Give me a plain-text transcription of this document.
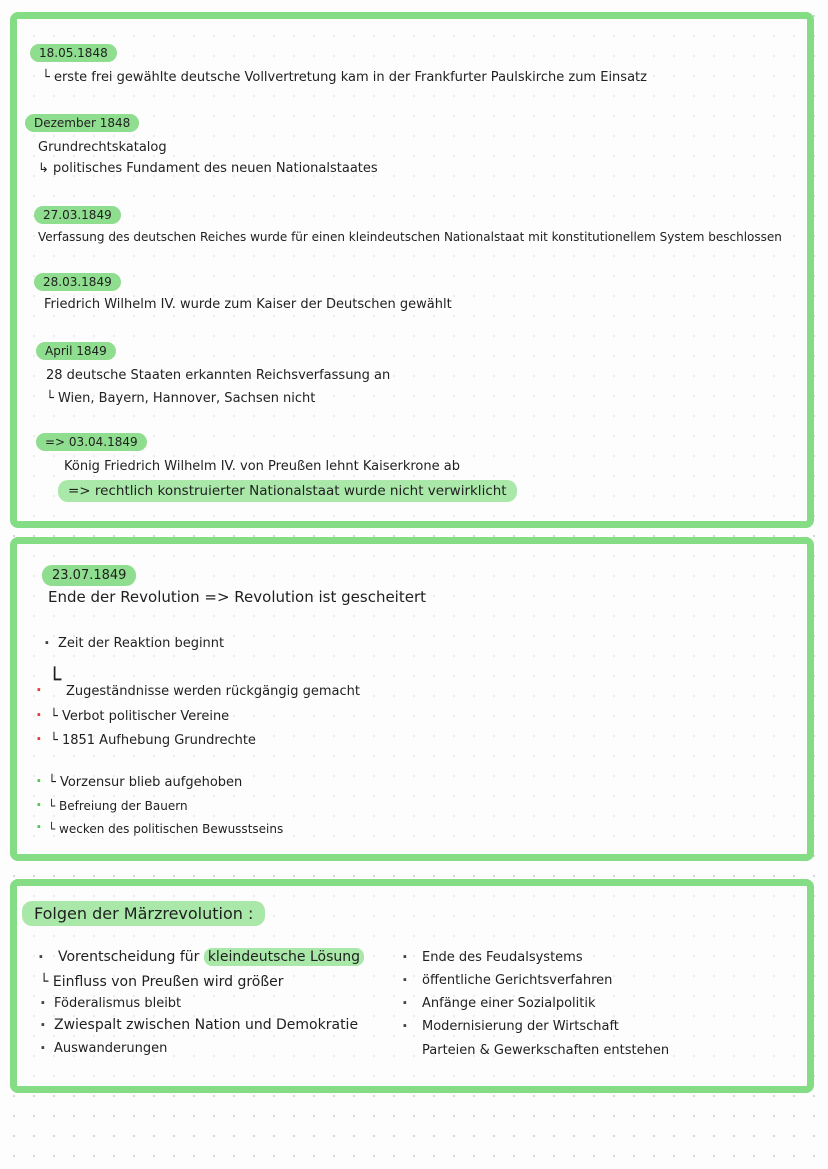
18.05.1848
└ erste frei gewählte deutsche Vollvertretung kam in der Frankfurter Paulskirche zum Einsatz
Dezember 1848
Grundrechtskatalog
↳ politisches Fundament des neuen Nationalstaates
27.03.1849
Verfassung des deutschen Reiches wurde für einen kleindeutschen Nationalstaat mit konstitutionellem System beschlossen
28.03.1849
Friedrich Wilhelm IV. wurde zum Kaiser der Deutschen gewählt
April 1849
28 deutsche Staaten erkannten Reichsverfassung an
└ Wien, Bayern, Hannover, Sachsen nicht
=> 03.04.1849
König Friedrich Wilhelm IV. von Preußen lehnt Kaiserkrone ab
=> rechtlich konstruierter Nationalstaat wurde nicht verwirklicht
23.07.1849
Ende der Revolution => Revolution ist gescheitert
· Zeit der Reaktion beginnt
· └ Zugeständnisse werden rückgängig gemacht
· └ Verbot politischer Vereine
· └ 1851 Aufhebung Grundrechte
· └ Vorzensur blieb aufgehoben
· └ Befreiung der Bauern
· └ wecken des politischen Bewusstseins
Folgen der Märzrevolution :
· Vorentscheidung für kleindeutsche Lösung
└ Einfluss von Preußen wird größer
· Föderalismus bleibt
· Zwiespalt zwischen Nation und Demokratie
· Auswanderungen
· Ende des Feudalsystems
· öffentliche Gerichtsverfahren
· Anfänge einer Sozialpolitik
· Modernisierung der Wirtschaft
Parteien & Gewerkschaften entstehen
